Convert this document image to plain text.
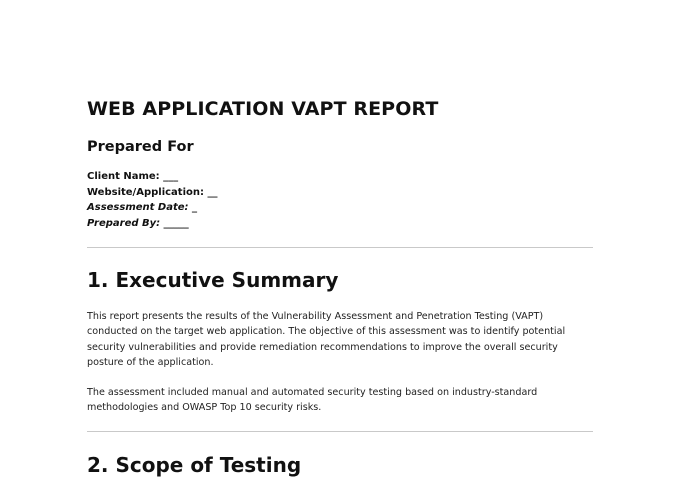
WEB APPLICATION VAPT REPORT
Prepared For
Client Name: ___
Website/Application: __
Assessment Date: _
Prepared By: _____
1. Executive Summary

This report presents the results of the Vulnerability Assessment and Penetration Testing (VAPT) conducted on the target web application. The objective of this assessment was to identify potential security vulnerabilities and provide remediation recommendations to improve the overall security posture of the application.

The assessment included manual and automated security testing based on industry-standard methodologies and OWASP Top 10 security risks.

2. Scope of Testing
